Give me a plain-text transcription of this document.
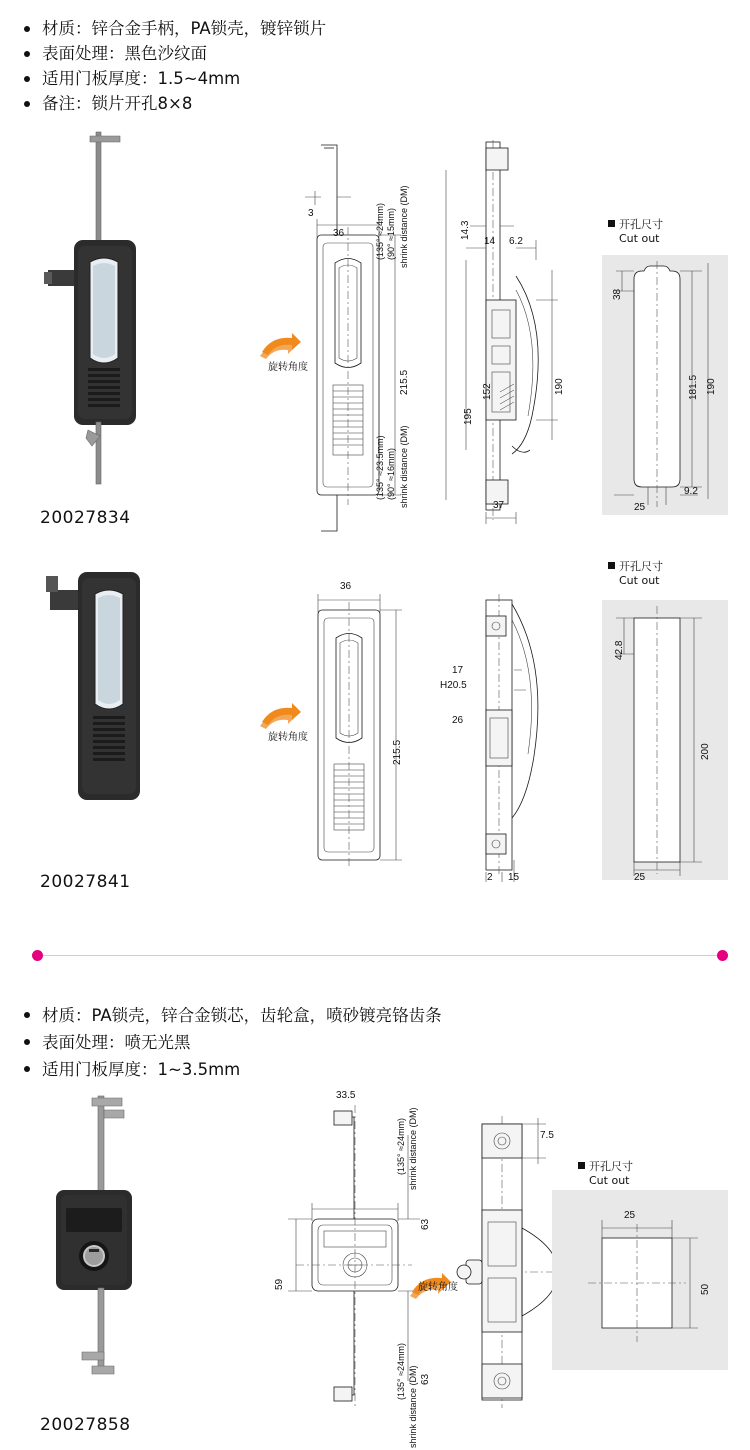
材质：锌合金手柄，PA锁壳，镀锌锁片
表面处理：黑色沙纹面
适用门板厚度：1.5~4mm
备注：锁片开孔8×8
20027834
3
36
215.5
(135° ≈24mm) (90° ≈15mm) shrink distance (DM)
(135° ≈23.5mm) (90° ≈16mm) shrink distance (DM)
旋转角度
14.3
14 6.2
190
152
195
37
开孔尺寸
Cut out
38
181.5 190
9.2
25
20027841
36
215.5
旋转角度
17
H20.5
26
2 15
开孔尺寸
Cut out
42.8
200
25
材质：PA锁壳，锌合金锁芯，齿轮盒，喷砂镀亮铬齿条
表面处理：喷无光黑
适用门板厚度：1~3.5mm
20027858
33.5
59
63
63
(135° ≈24mm) shrink distance (DM)
(135° ≈24mm) shrink distance (DM)
旋转角度
7.5
开孔尺寸
Cut out
25
50
